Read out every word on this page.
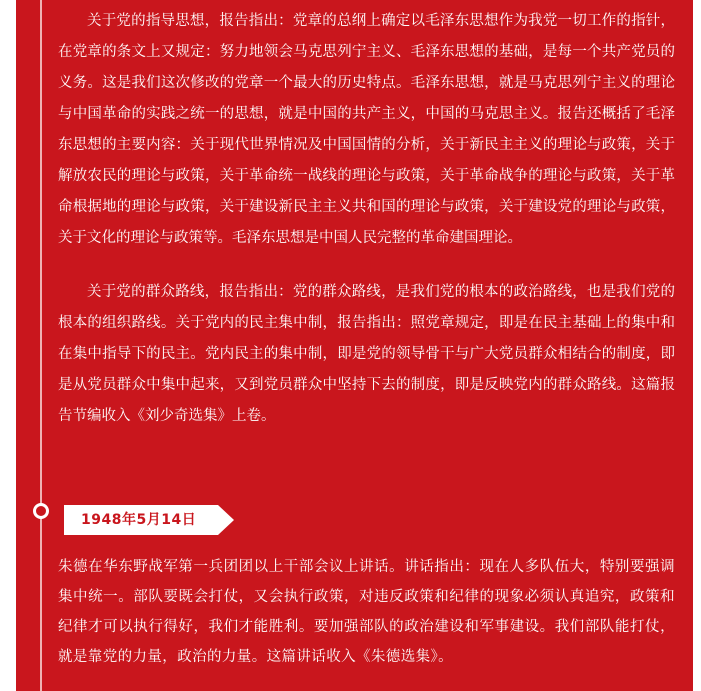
关于党的指导思想，报告指出：党章的总纲上确定以毛泽东思想作为我党一切工作的指针，在党章的条文上又规定：努力地领会马克思列宁主义、毛泽东思想的基础，是每一个共产党员的义务。这是我们这次修改的党章一个最大的历史特点。毛泽东思想，就是马克思列宁主义的理论与中国革命的实践之统一的思想，就是中国的共产主义，中国的马克思主义。报告还概括了毛泽东思想的主要内容：关于现代世界情况及中国国情的分析，关于新民主主义的理论与政策，关于解放农民的理论与政策，关于革命统一战线的理论与政策，关于革命战争的理论与政策，关于革命根据地的理论与政策，关于建设新民主主义共和国的理论与政策，关于建设党的理论与政策，关于文化的理论与政策等。毛泽东思想是中国人民完整的革命建国理论。

关于党的群众路线，报告指出：党的群众路线，是我们党的根本的政治路线，也是我们党的根本的组织路线。关于党内的民主集中制，报告指出：照党章规定，即是在民主基础上的集中和在集中指导下的民主。党内民主的集中制，即是党的领导骨干与广大党员群众相结合的制度，即是从党员群众中集中起来，又到党员群众中坚持下去的制度，即是反映党内的群众路线。这篇报告节编收入《刘少奇选集》上卷。

1948年5月14日

朱德在华东野战军第一兵团团以上干部会议上讲话。讲话指出：现在人多队伍大，特别要强调集中统一。部队要既会打仗，又会执行政策，对违反政策和纪律的现象必须认真追究，政策和纪律才可以执行得好，我们才能胜利。要加强部队的政治建设和军事建设。我们部队能打仗，就是靠党的力量，政治的力量。这篇讲话收入《朱德选集》。
